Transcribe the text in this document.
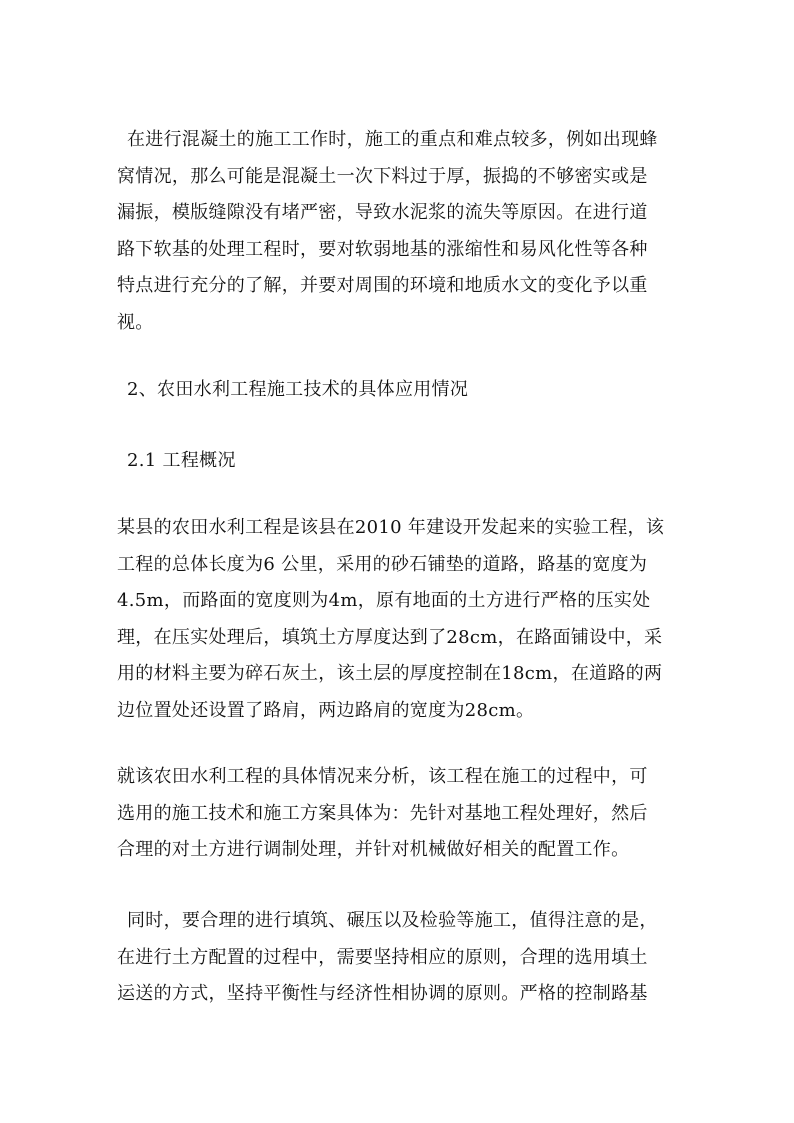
在进行混凝土的施工工作时，施工的重点和难点较多，例如出现蜂
窝情况，那么可能是混凝土一次下料过于厚，振捣的不够密实或是
漏振，模版缝隙没有堵严密，导致水泥浆的流失等原因。在进行道
路下软基的处理工程时，要对软弱地基的涨缩性和易风化性等各种
特点进行充分的了解，并要对周围的环境和地质水文的变化予以重
视。
2、农田水利工程施工技术的具体应用情况
2.1 工程概况
某县的农田水利工程是该县在2010 年建设开发起来的实验工程，该
工程的总体长度为6 公里，采用的砂石铺垫的道路，路基的宽度为
4.5m，而路面的宽度则为4m，原有地面的土方进行严格的压实处
理，在压实处理后，填筑土方厚度达到了28cm，在路面铺设中，采
用的材料主要为碎石灰土，该土层的厚度控制在18cm，在道路的两
边位置处还设置了路肩，两边路肩的宽度为28cm。
就该农田水利工程的具体情况来分析，该工程在施工的过程中，可
选用的施工技术和施工方案具体为：先针对基地工程处理好，然后
合理的对土方进行调制处理，并针对机械做好相关的配置工作。
同时，要合理的进行填筑、碾压以及检验等施工，值得注意的是，
在进行土方配置的过程中，需要坚持相应的原则，合理的选用填土
运送的方式，坚持平衡性与经济性相协调的原则。严格的控制路基
